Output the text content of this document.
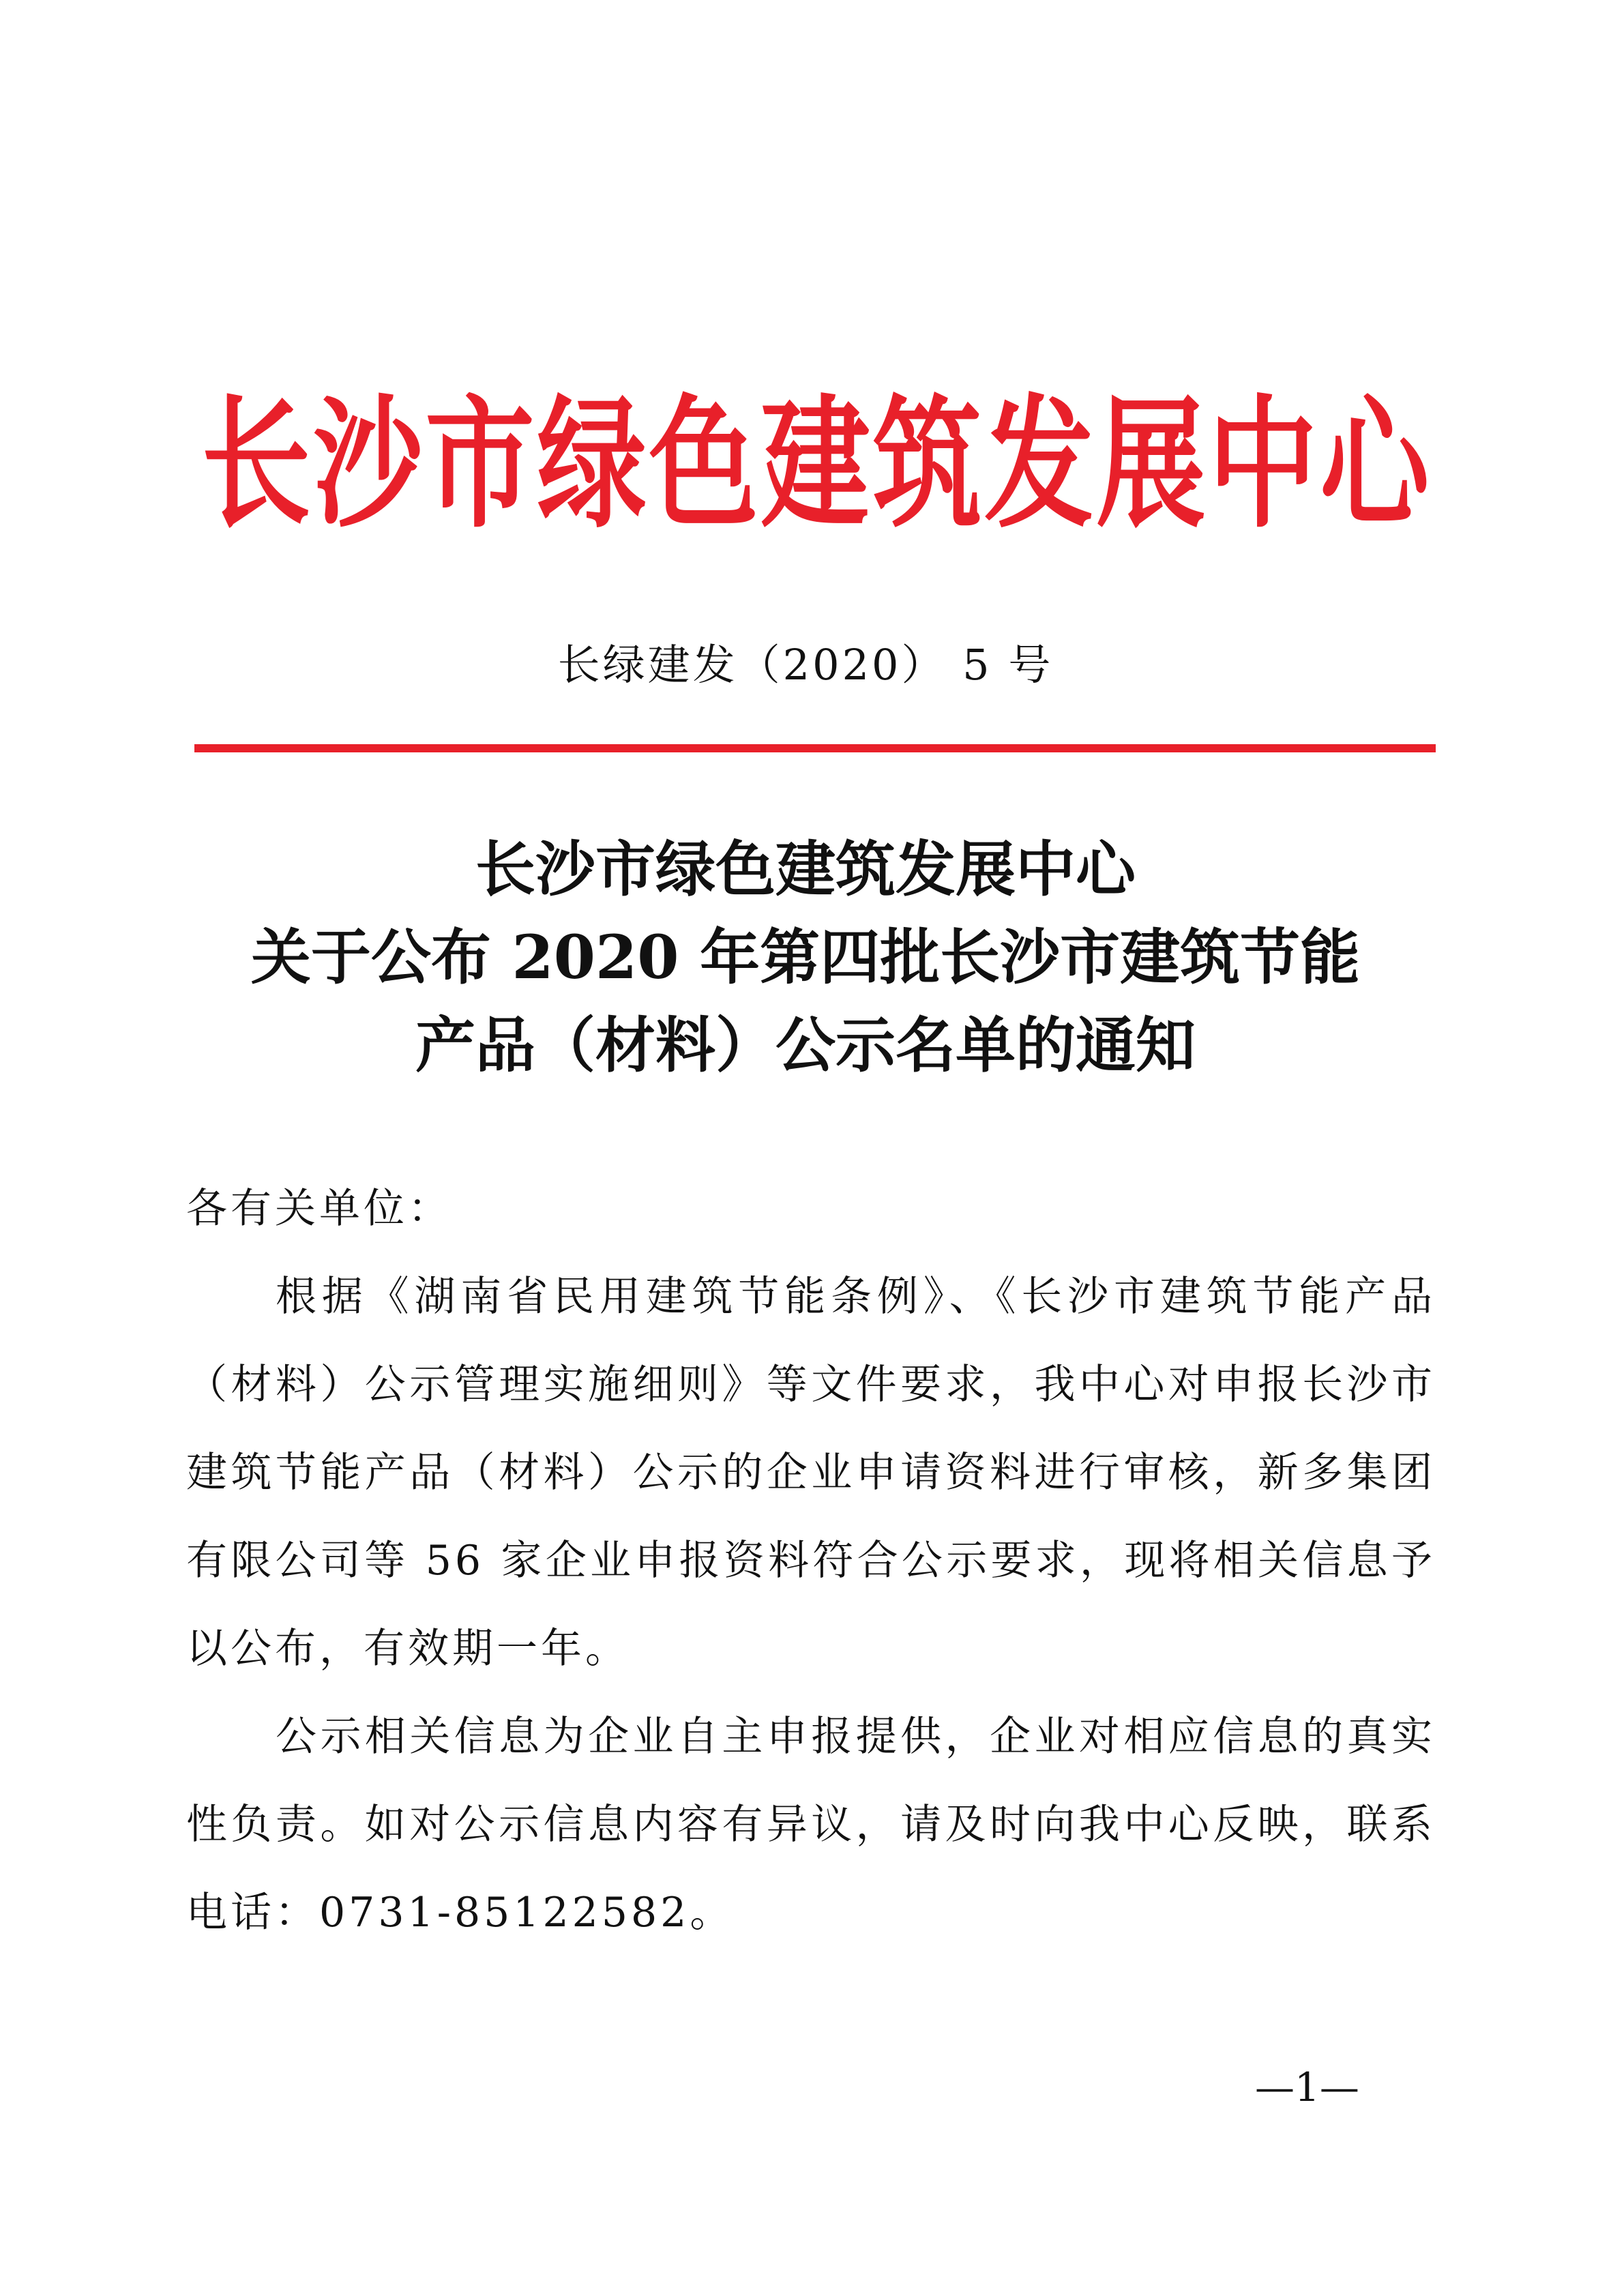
长沙市绿色建筑发展中心
长绿建发（2020） 5 号
长沙市绿色建筑发展中心
关于公布 2020 年第四批长沙市建筑节能
产品（材料）公示名单的通知
各有关单位：
根据《湖南省民用建筑节能条例》、《长沙市建筑节能产品
（材料）公示管理实施细则》等文件要求，我中心对申报长沙市
建筑节能产品（材料）公示的企业申请资料进行审核，新多集团
有限公司等 56 家企业申报资料符合公示要求，现将相关信息予
以公布，有效期一年。
公示相关信息为企业自主申报提供，企业对相应信息的真实
性负责。如对公示信息内容有异议，请及时向我中心反映，联系
电话：0731-85122582。
—1—
